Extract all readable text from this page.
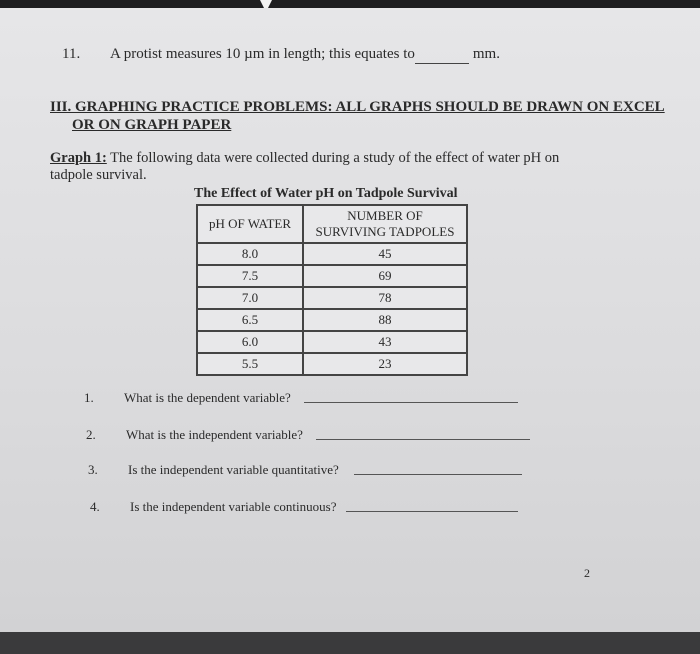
11. A protist measures 10 µm in length; this equates to	mm.
III. GRAPHING PRACTICE PROBLEMS: ALL GRAPHS SHOULD BE DRAWN ON EXCEL
OR ON GRAPH PAPER
Graph 1: The following data were collected during a study of the effect of water pH on
tadpole survival.
The Effect of Water pH on Tadpole Survival
pH OF WATER	NUMBER OF
SURVIVING TADPOLES

8.0	45
7.5	69
7.0	78
6.5	88
6.0	43
5.5	23
1. What is the dependent variable?
2. What is the independent variable?
3. Is the independent variable quantitative?
4. Is the independent variable continuous?
2
